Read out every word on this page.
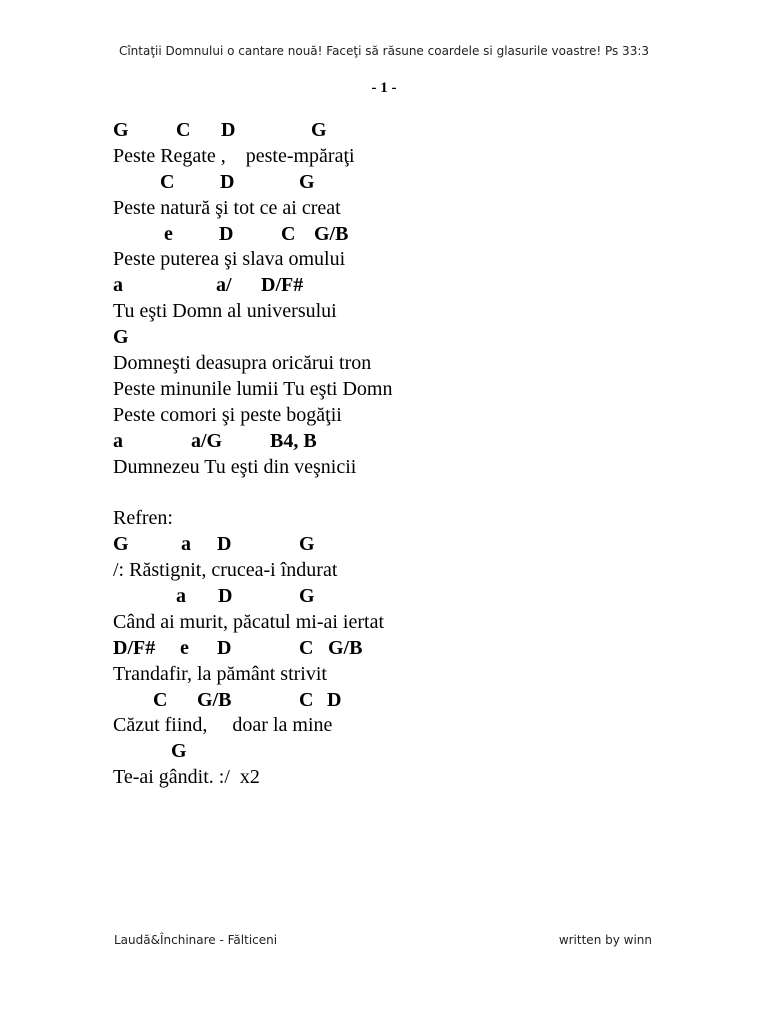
Cîntaţii Domnului o cantare nouă! Faceţi să răsune coardele si glasurile voastre! Ps 33:3
- 1 -
G C D	G
Peste Regate ,    peste-mpăraţi
C D	G
Peste natură şi tot ce ai creat
e D C G/B
Peste puterea şi slava omului
a	a/ D/F#
Tu eşti Domn al universului
G
Domneşti deasupra oricărui tron
Peste minunile lumii Tu eşti Domn
Peste comori şi peste bogăţii
a	a/G B4, B
Dumnezeu Tu eşti din veşnicii
Refren:
G	a D	G
/: Răstignit, crucea-i îndurat
a D	G
Când ai murit, păcatul mi-ai iertat
D/F# e D	C G/B
Trandafir, la pământ strivit
C G/B	C D
Căzut fiind,     doar la mine
G
Te-ai gândit. :/  x2
Laudă&Închinare - Fălticeni	written by winn
